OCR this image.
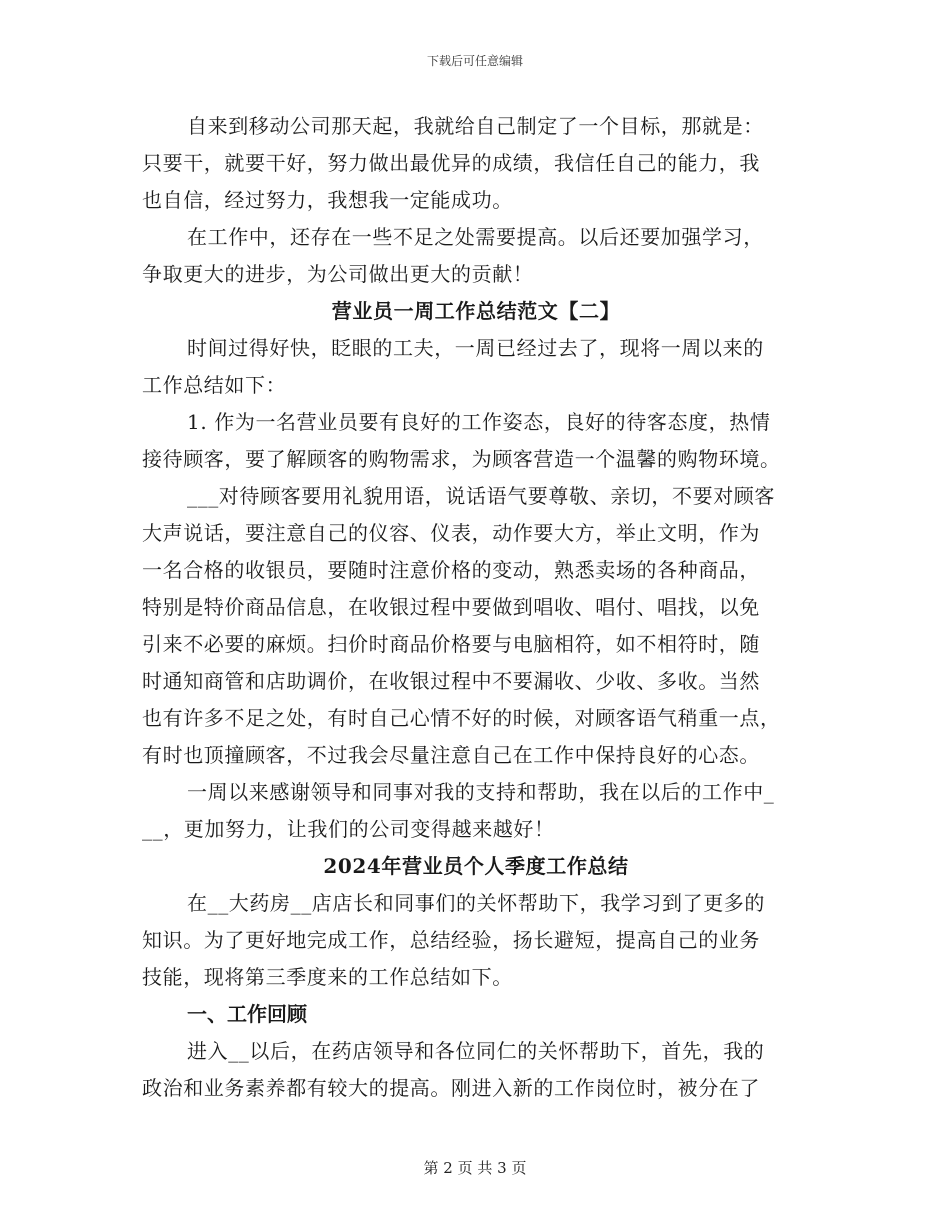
下载后可任意编辑
自来到移动公司那天起，我就给自己制定了一个目标，那就是：
只要干，就要干好，努力做出最优异的成绩，我信任自己的能力，我
也自信，经过努力，我想我一定能成功。
在工作中，还存在一些不足之处需要提高。以后还要加强学习，
争取更大的进步，为公司做出更大的贡献！
营业员一周工作总结范文【二】
时间过得好快，眨眼的工夫，一周已经过去了，现将一周以来的
工作总结如下：
1. 作为一名营业员要有良好的工作姿态，良好的待客态度，热情
接待顾客，要了解顾客的购物需求，为顾客营造一个温馨的购物环境。
___对待顾客要用礼貌用语，说话语气要尊敬、亲切，不要对顾客
大声说话，要注意自己的仪容、仪表，动作要大方，举止文明，作为
一名合格的收银员，要随时注意价格的变动，熟悉卖场的各种商品，
特别是特价商品信息，在收银过程中要做到唱收、唱付、唱找，以免
引来不必要的麻烦。扫价时商品价格要与电脑相符，如不相符时，随
时通知商管和店助调价，在收银过程中不要漏收、少收、多收。当然
也有许多不足之处，有时自己心情不好的时候，对顾客语气稍重一点，
有时也顶撞顾客，不过我会尽量注意自己在工作中保持良好的心态。
一周以来感谢领导和同事对我的支持和帮助，我在以后的工作中_
__，更加努力，让我们的公司变得越来越好！
2024年营业员个人季度工作总结
在__大药房__店店长和同事们的关怀帮助下，我学习到了更多的
知识。为了更好地完成工作，总结经验，扬长避短，提高自己的业务
技能，现将第三季度来的工作总结如下。
一、工作回顾
进入__以后，在药店领导和各位同仁的关怀帮助下，首先，我的
政治和业务素养都有较大的提高。刚进入新的工作岗位时，被分在了
第 2 页 共 3 页
